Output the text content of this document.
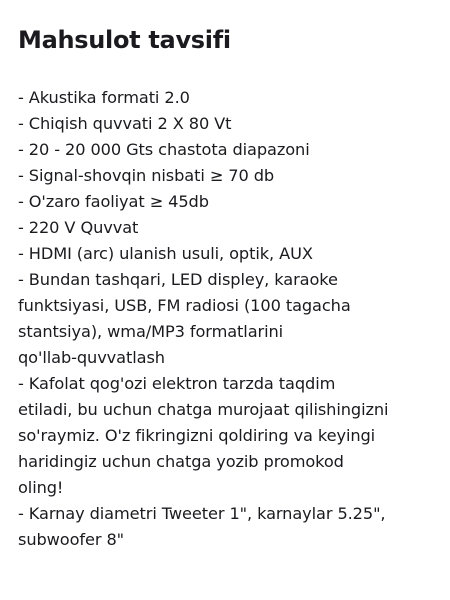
Mahsulot tavsifi
- Akustika formati 2.0
- Chiqish quvvati 2 X 80 Vt
- 20 - 20 000 Gts chastota diapazoni
- Signal-shovqin nisbati ≥ 70 db
- O'zaro faoliyat ≥ 45db
- 220 V Quvvat
- HDMI (arc) ulanish usuli, optik, AUX
- Bundan tashqari, LED displey, karaoke
funktsiyasi, USB, FM radiosi (100 tagacha
stantsiya), wma/MP3 formatlarini
qo'llab-quvvatlash
- Kafolat qog'ozi elektron tarzda taqdim
etiladi, bu uchun chatga murojaat qilishingizni
so'raymiz. O'z fikringizni qoldiring va keyingi
haridingiz uchun chatga yozib promokod
oling!
- Karnay diametri Tweeter 1", karnaylar 5.25",
subwoofer 8"
